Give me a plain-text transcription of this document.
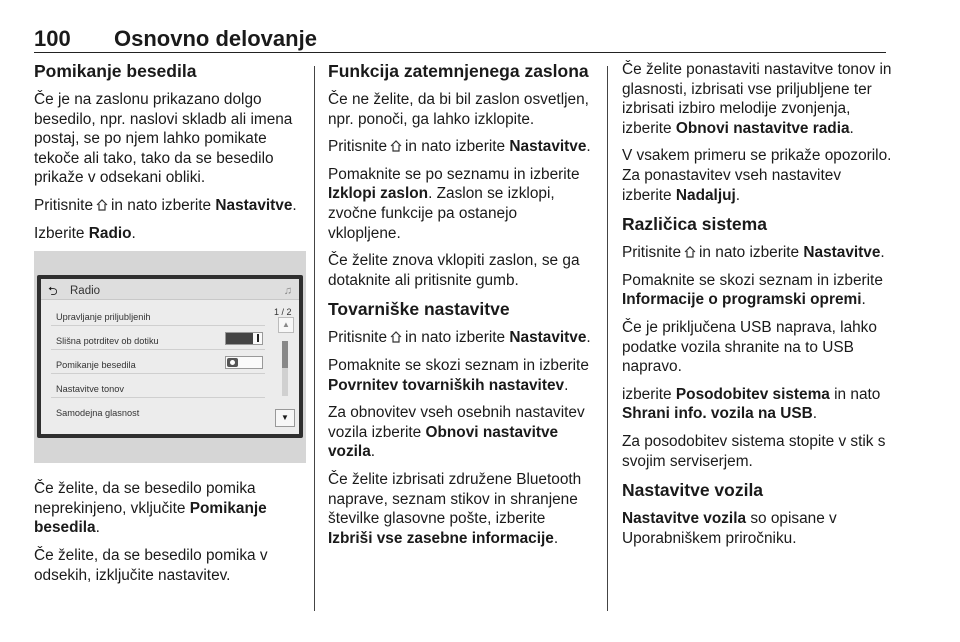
100 Osnovno delovanje
Pomikanje besedila

Če je na zaslonu prikazano dolgo besedilo, npr. naslovi skladb ali imena postaj, se po njem lahko pomikate tekoče ali tako, tako da se besedilo prikaže v odsekani obliki.

Pritisnite in nato izberite Nastavitve.

Izberite Radio.

⮌ Radio	♫
Upravljanje priljubljenih
Slišna potrditev ob dotiku
Pomikanje besedila
Nastavitve tonov
Samodejna glasnost
1 / 2
▲
▼

Če želite, da se besedilo pomika neprekinjeno, vključite Pomikanje besedila.

Če želite, da se besedilo pomika v odsekih, izključite nastavitev.

Funkcija zatemnjenega zaslona

Če ne želite, da bi bil zaslon osvetljen, npr. ponoči, ga lahko izklopite.

Pritisnite in nato izberite Nastavitve.

Pomaknite se po seznamu in izberite Izklopi zaslon. Zaslon se izklopi, zvočne funkcije pa ostanejo vklopljene.

Če želite znova vklopiti zaslon, se ga dotaknite ali pritisnite gumb.

Tovarniške nastavitve

Pritisnite in nato izberite Nastavitve.

Pomaknite se skozi seznam in izberite Povrnitev tovarniških nastavitev.

Za obnovitev vseh osebnih nastavitev vozila izberite Obnovi nastavitve vozila.

Če želite izbrisati združene Bluetooth naprave, seznam stikov in shranjene številke glasovne pošte, izberite Izbriši vse zasebne informacije.

Če želite ponastaviti nastavitve tonov in glasnosti, izbrisati vse priljubljene ter izbrisati izbiro melodije zvonjenja, izberite Obnovi nastavitve radia.

V vsakem primeru se prikaže opozorilo. Za ponastavitev vseh nastavitev izberite Nadaljuj.

Različica sistema

Pritisnite in nato izberite Nastavitve.

Pomaknite se skozi seznam in izberite Informacije o programski opremi.

Če je priključena USB naprava, lahko podatke vozila shranite na to USB napravo.

izberite Posodobitev sistema in nato Shrani info. vozila na USB.

Za posodobitev sistema stopite v stik s svojim serviserjem.

Nastavitve vozila

Nastavitve vozila so opisane v Uporabniškem priročniku.
